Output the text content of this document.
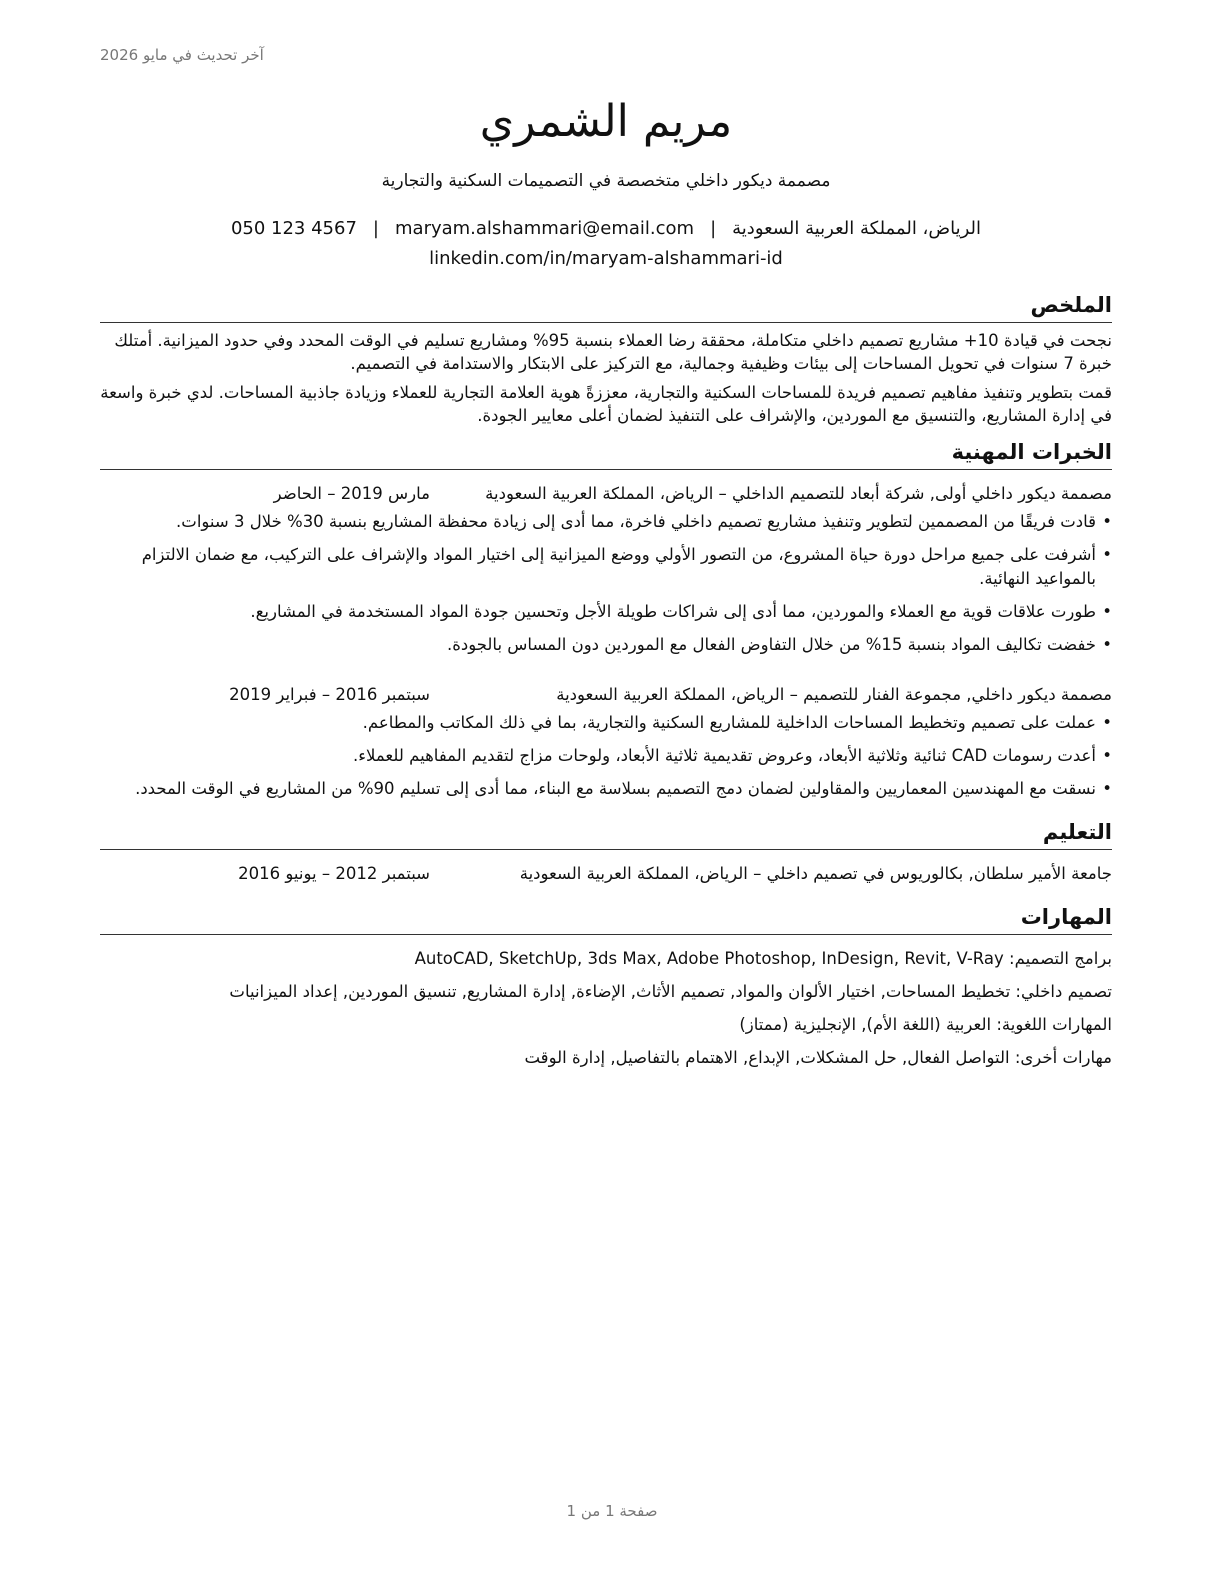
آخر تحديث في مايو 2026
مريم الشمري
مصممة ديكور داخلي متخصصة في التصميمات السكنية والتجارية
الرياض، المملكة العربية السعودية|maryam.alshammari@email.com|050 123 4567
linkedin.com/in/maryam-alshammari-id
الملخص

نجحت في قيادة 10+ مشاريع تصميم داخلي متكاملة، محققة رضا العملاء بنسبة 95% ومشاريع تسليم في الوقت المحدد وفي حدود الميزانية. أمتلك خبرة 7 سنوات في تحويل المساحات إلى بيئات وظيفية وجمالية، مع التركيز على الابتكار والاستدامة في التصميم.

قمت بتطوير وتنفيذ مفاهيم تصميم فريدة للمساحات السكنية والتجارية، معززةً هوية العلامة التجارية للعملاء وزيادة جاذبية المساحات. لدي خبرة واسعة في إدارة المشاريع، والتنسيق مع الموردين، والإشراف على التنفيذ لضمان أعلى معايير الجودة.

الخبرات المهنية
مصممة ديكور داخلي أولى, شركة أبعاد للتصميم الداخلي – الرياض، المملكة العربية السعودية
مارس 2019 – الحاضر
• قادت فريقًا من المصممين لتطوير وتنفيذ مشاريع تصميم داخلي فاخرة، مما أدى إلى زيادة محفظة المشاريع بنسبة 30% خلال 3 سنوات.
• أشرفت على جميع مراحل دورة حياة المشروع، من التصور الأولي ووضع الميزانية إلى اختيار المواد والإشراف على التركيب، مع ضمان الالتزام بالمواعيد النهائية.
• طورت علاقات قوية مع العملاء والموردين، مما أدى إلى شراكات طويلة الأجل وتحسين جودة المواد المستخدمة في المشاريع.
• خفضت تكاليف المواد بنسبة 15% من خلال التفاوض الفعال مع الموردين دون المساس بالجودة.
مصممة ديكور داخلي, مجموعة الفنار للتصميم – الرياض، المملكة العربية السعودية
سبتمبر 2016 – فبراير 2019
• عملت على تصميم وتخطيط المساحات الداخلية للمشاريع السكنية والتجارية، بما في ذلك المكاتب والمطاعم.
• أعدت رسومات CAD ثنائية وثلاثية الأبعاد، وعروض تقديمية ثلاثية الأبعاد، ولوحات مزاج لتقديم المفاهيم للعملاء.
• نسقت مع المهندسين المعماريين والمقاولين لضمان دمج التصميم بسلاسة مع البناء، مما أدى إلى تسليم 90% من المشاريع في الوقت المحدد.
التعليم
جامعة الأمير سلطان, بكالوريوس في تصميم داخلي – الرياض، المملكة العربية السعودية
سبتمبر 2012 – يونيو 2016
المهارات
برامج التصميم: AutoCAD, SketchUp, 3ds Max, Adobe Photoshop, InDesign, Revit, V-Ray
تصميم داخلي: تخطيط المساحات, اختيار الألوان والمواد, تصميم الأثاث, الإضاءة, إدارة المشاريع, تنسيق الموردين, إعداد الميزانيات
المهارات اللغوية: العربية (اللغة الأم), الإنجليزية (ممتاز)
مهارات أخرى: التواصل الفعال, حل المشكلات, الإبداع, الاهتمام بالتفاصيل, إدارة الوقت
صفحة 1 من 1
